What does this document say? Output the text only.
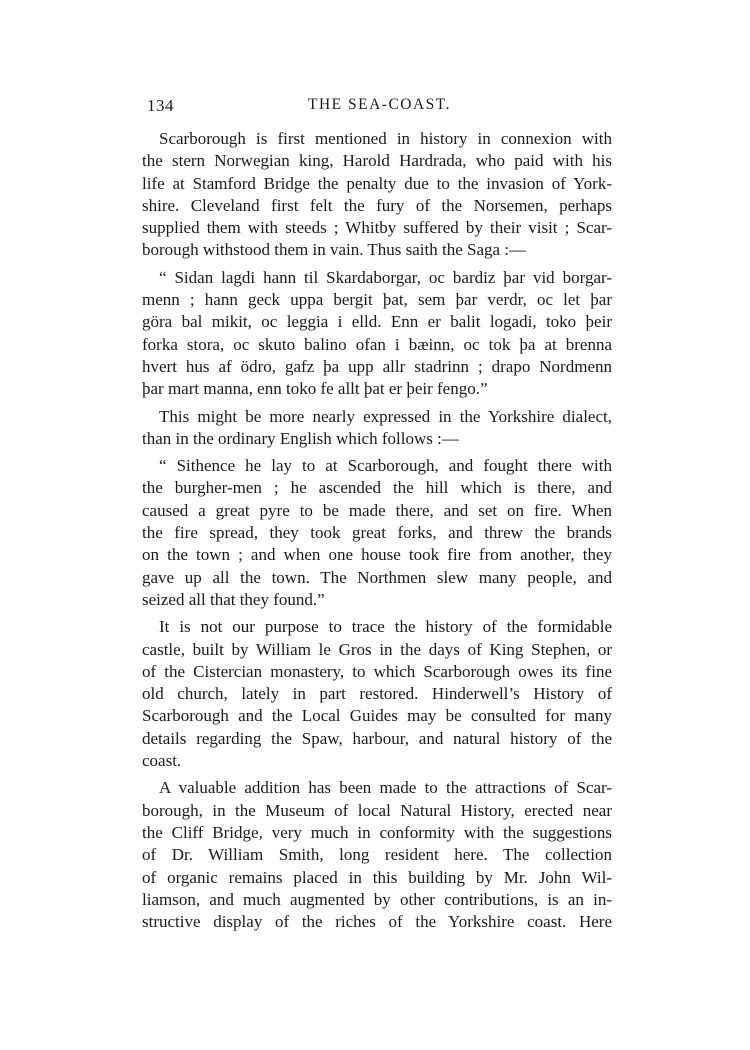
134	THE SEA-COAST.
Scarborough is first mentioned in history in connexion with
the stern Norwegian king, Harold Hardrada, who paid with his
life at Stamford Bridge the penalty due to the invasion of York-
shire. Cleveland first felt the fury of the Norsemen, perhaps
supplied them with steeds ; Whitby suffered by their visit ; Scar-
borough withstood them in vain. Thus saith the Saga :—
“ Sidan lagdi hann til Skardaborgar, oc bardiz þar vid borgar-
menn ; hann geck uppa bergit þat, sem þar verdr, oc let þar
göra bal mikit, oc leggia i elld. Enn er balit logadi, toko þeir
forka stora, oc skuto balino ofan i bæinn, oc tok þa at brenna
hvert hus af ödro, gafz þa upp allr stadrinn ; drapo Nordmenn
þar mart manna, enn toko fe allt þat er þeir fengo.”
This might be more nearly expressed in the Yorkshire dialect,
than in the ordinary English which follows :—
“ Sithence he lay to at Scarborough, and fought there with
the burgher-men ; he ascended the hill which is there, and
caused a great pyre to be made there, and set on fire. When
the fire spread, they took great forks, and threw the brands
on the town ; and when one house took fire from another, they
gave up all the town. The Northmen slew many people, and
seized all that they found.”
It is not our purpose to trace the history of the formidable
castle, built by William le Gros in the days of King Stephen, or
of the Cistercian monastery, to which Scarborough owes its fine
old church, lately in part restored. Hinderwell’s History of
Scarborough and the Local Guides may be consulted for many
details regarding the Spaw, harbour, and natural history of the
coast.
A valuable addition has been made to the attractions of Scar-
borough, in the Museum of local Natural History, erected near
the Cliff Bridge, very much in conformity with the suggestions
of Dr. William Smith, long resident here. The collection
of organic remains placed in this building by Mr. John Wil-
liamson, and much augmented by other contributions, is an in-
structive display of the riches of the Yorkshire coast. Here
